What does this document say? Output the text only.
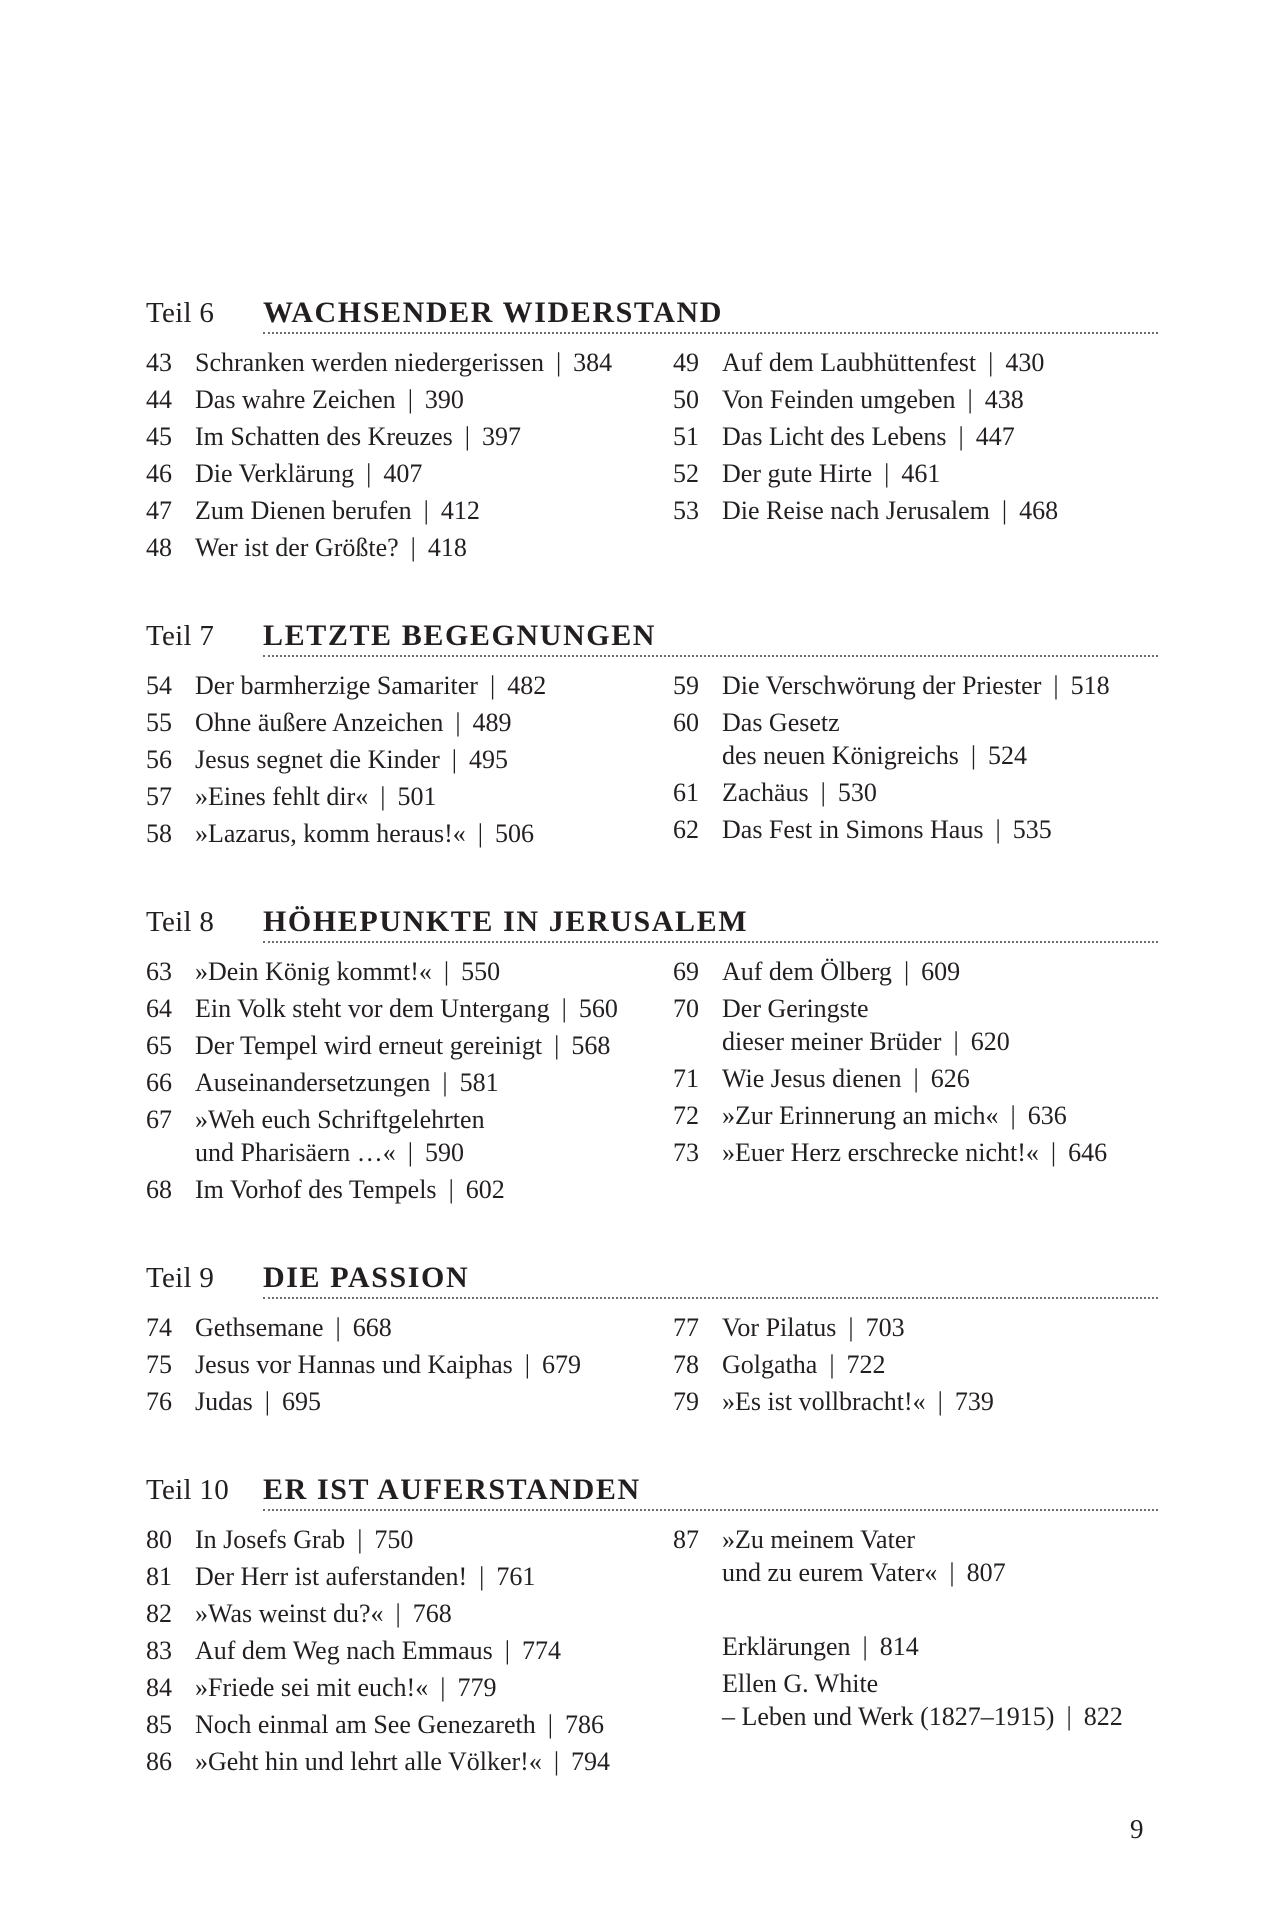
Teil 6	WACHSENDER WIDERSTAND
43 Schranken werden niedergerissen | 384
44 Das wahre Zeichen | 390
45 Im Schatten des Kreuzes | 397
46 Die Verklärung | 407
47 Zum Dienen berufen | 412
48 Wer ist der Größte? | 418
49 Auf dem Laubhüttenfest | 430
50 Von Feinden umgeben | 438
51 Das Licht des Lebens | 447
52 Der gute Hirte | 461
53 Die Reise nach Jerusalem | 468
Teil 7	LETZTE BEGEGNUNGEN
54 Der barmherzige Samariter | 482
55 Ohne äußere Anzeichen | 489
56 Jesus segnet die Kinder | 495
57 »Eines fehlt dir« | 501
58 »Lazarus, komm heraus!« | 506
59 Die Verschwörung der Priester | 518
60 Das Gesetz
des neuen Königreichs | 524
61 Zachäus | 530
62 Das Fest in Simons Haus | 535
Teil 8	HÖHEPUNKTE IN JERUSALEM
63 »Dein König kommt!« | 550
64 Ein Volk steht vor dem Untergang | 560
65 Der Tempel wird erneut gereinigt | 568
66 Auseinandersetzungen | 581
67 »Weh euch Schriftgelehrten
und Pharisäern …« | 590
68 Im Vorhof des Tempels | 602
69 Auf dem Ölberg | 609
70 Der Geringste
dieser meiner Brüder | 620
71 Wie Jesus dienen | 626
72 »Zur Erinnerung an mich« | 636
73 »Euer Herz erschrecke nicht!« | 646
Teil 9	DIE PASSION
74 Gethsemane | 668
75 Jesus vor Hannas und Kaiphas | 679
76 Judas | 695
77 Vor Pilatus | 703
78 Golgatha | 722
79 »Es ist vollbracht!« | 739
Teil 10	ER IST AUFERSTANDEN
80 In Josefs Grab | 750
81 Der Herr ist auferstanden! | 761
82 »Was weinst du?« | 768
83 Auf dem Weg nach Emmaus | 774
84 »Friede sei mit euch!« | 779
85 Noch einmal am See Genezareth | 786
86 »Geht hin und lehrt alle Völker!« | 794
87 »Zu meinem Vater
und zu eurem Vater« | 807
Erklärungen | 814
Ellen G. White
– Leben und Werk (1827–1915) | 822
9
